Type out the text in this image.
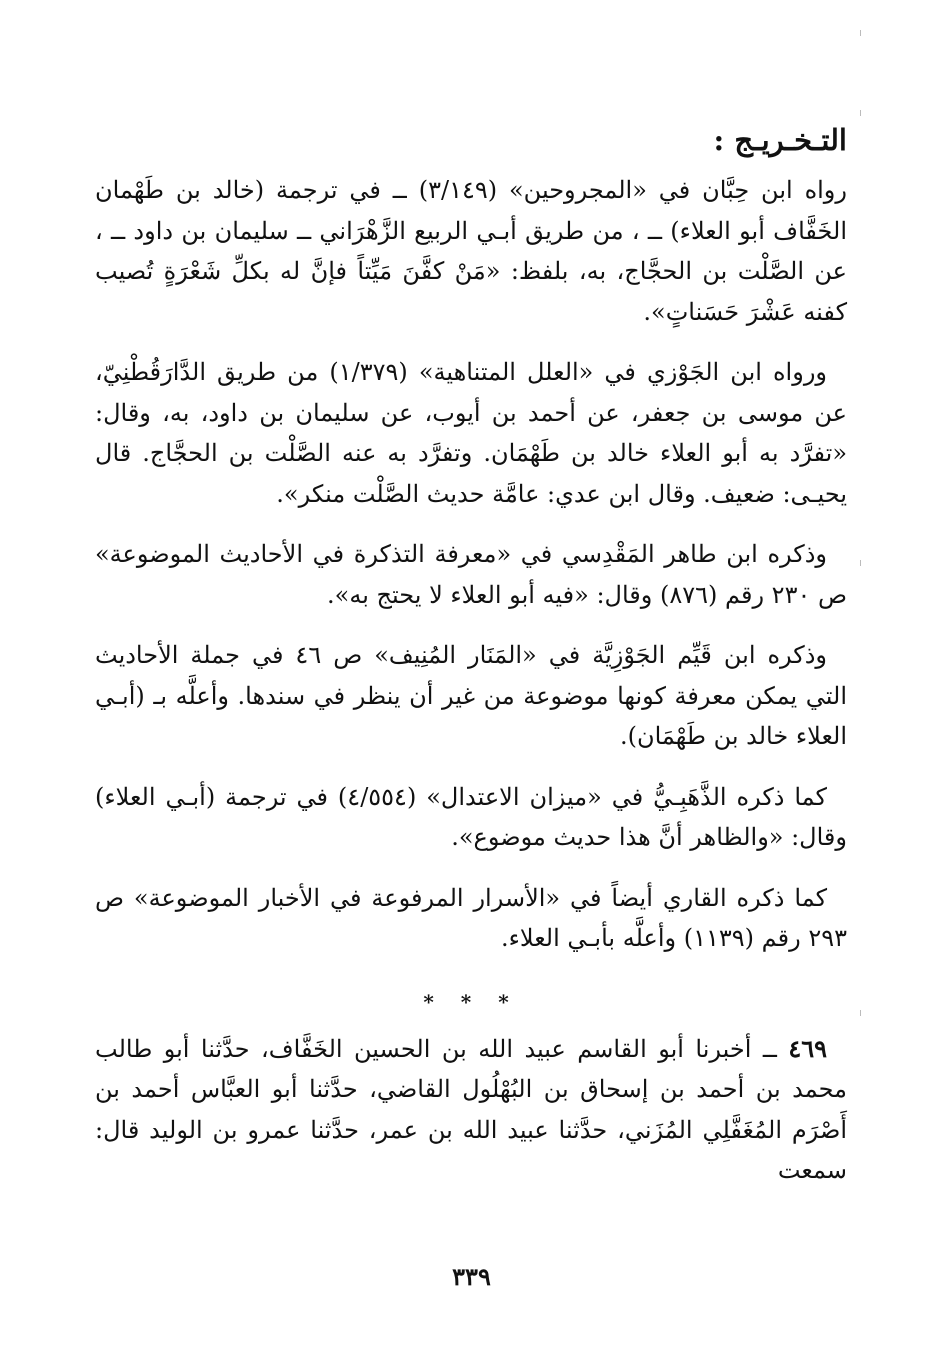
التـخـريـج :

رواه ابن حِبَّان في «المجروحين» (٣/١٤٩) ــ في ترجمة (خالد بن طَهْمان الخَفَّاف أبو العلاء) ــ ، من طريق أبـي الربيع الزَّهْرَاني ــ سليمان بن داود ــ ، عن الصَّلْت بن الحجَّاج، به، بلفظ: «مَنْ كفَّنَ مَيِّتاً فإنَّ له بكلِّ شَعْرَةٍ تُصيب كفنه عَشْرَ حَسَناتٍ».

ورواه ابن الجَوْزي في «العلل المتناهية» (١/٣٧٩) من طريق الدَّارَقُطْنِيّ، عن موسى بن جعفر، عن أحمد بن أيوب، عن سليمان بن داود، به، وقال: «تفرَّد به أبو العلاء خالد بن طَهْمَان. وتفرَّد به عنه الصَّلْت بن الحجَّاج. قال يحيـى: ضعيف. وقال ابن عدي: عامَّة حديث الصَّلْت منكر».

وذكره ابن طاهر المَقْدِسي في «معرفة التذكرة في الأحاديث الموضوعة» ص ٢٣٠ رقم (٨٧٦) وقال: «فيه أبو العلاء لا يحتج به».

وذكره ابن قَيِّم الجَوْزِيَّة في «المَنَار المُنِيف» ص ٤٦ في جملة الأحاديث التي يمكن معرفة كونها موضوعة من غير أن ينظر في سندها. وأعلَّه بـ (أبـي العلاء خالد بن طَهْمَان).

كما ذكره الذَّهَبِـيُّ في «ميزان الاعتدال» (٤/٥٥٤) في ترجمة (أبـي العلاء) وقال: «والظاهر أنَّ هذا حديث موضوع».

كما ذكره القاري أيضاً في «الأسرار المرفوعة في الأخبار الموضوعة» ص ٢٩٣ رقم (١١٣٩) وأعلَّه بأبـي العلاء.

* * *

٤٦٩ ــ أخبرنا أبو القاسم عبيد الله بن الحسين الخَفَّاف، حدَّثنا أبو طالب محمد بن أحمد بن إسحاق بن البُهْلُول القاضي، حدَّثنا أبو العبَّاس أحمد بن أَصْرَم المُغَفَّلِي المُزَني، حدَّثنا عبيد الله بن عمر، حدَّثنا عمرو بن الوليد قال: سمعت

٣٣٩
